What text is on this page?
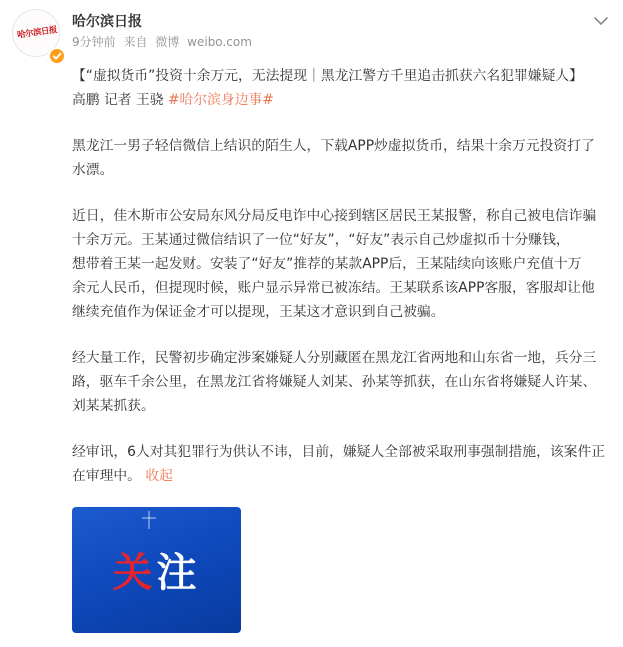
哈尔滨日报
哈尔滨日报
9分钟前 来自 微博 weibo.com
【“虚拟货币”投资十余万元，无法提现｜黑龙江警方千里追击抓获六名犯罪嫌疑人】
高鹏 记者 王骁 #哈尔滨身边事#
黑龙江一男子轻信微信上结识的陌生人，下载APP炒虚拟货币，结果十余万元投资打了
水漂。
近日，佳木斯市公安局东风分局反电诈中心接到辖区居民王某报警，称自己被电信诈骗
十余万元。王某通过微信结识了一位“好友”，“好友”表示自己炒虚拟币十分赚钱，
想带着王某一起发财。安装了“好友”推荐的某款APP后，王某陆续向该账户充值十万
余元人民币，但提现时候，账户显示异常已被冻结。王某联系该APP客服，客服却让他
继续充值作为保证金才可以提现，王某这才意识到自己被骗。
经大量工作，民警初步确定涉案嫌疑人分别藏匿在黑龙江省两地和山东省一地，兵分三
路，驱车千余公里，在黑龙江省将嫌疑人刘某、孙某等抓获，在山东省将嫌疑人许某、
刘某某抓获。
经审讯，6人对其犯罪行为供认不讳，目前，嫌疑人全部被采取刑事强制措施，该案件正
在审理中。 收起
关注
